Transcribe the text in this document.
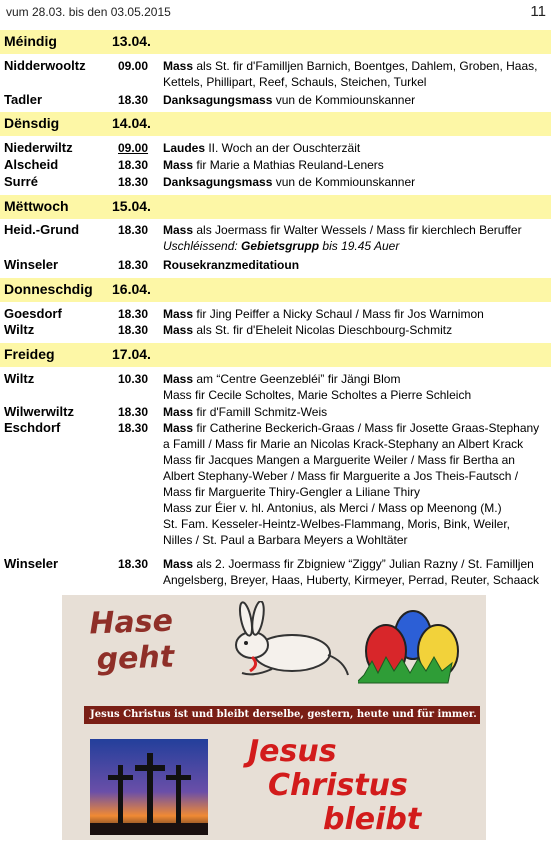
vum 28.03. bis den 03.05.2015	11
Méindig	13.04.
Nidderwooltz	09.00 Mass als St. fir d'Familljen Barnich, Boentges, Dahlem, Groben, Haas,
Kettels, Phillipart, Reef, Schauls, Steichen, Turkel
Tadler	18.30 Danksagungsmass vun de Kommiounskanner
Dënsdig	14.04.
Niederwiltz	09.00 Laudes II. Woch an der Ouschterzäit
Alscheid	18.30 Mass fir Marie a Mathias Reuland-Leners
Surré	18.30 Danksagungsmass vun de Kommiounskanner
Mëttwoch	15.04.
Heid.-Grund	18.30 Mass als Joermass fir Walter Wessels / Mass fir kierchlech Beruffer
Uschléissend: Gebietsgrupp bis 19.45 Auer
Winseler	18.30 Rousekranzmeditatioun
Donneschdig 16.04.
Goesdorf	18.30 Mass fir Jing Peiffer a Nicky Schaul / Mass fir Jos Warnimon
Wiltz	18.30 Mass als St. fir d'Eheleit Nicolas Dieschbourg-Schmitz
Freideg	17.04.
Wiltz	10.30 Mass am “Centre Geenzebléi” fir Jängi Blom
Mass fir Cecile Scholtes, Marie Scholtes a Pierre Schleich
Wilwerwiltz	18.30 Mass fir d'Famill Schmitz-Weis
Eschdorf	18.30 Mass fir Catherine Beckerich-Graas / Mass fir Josette Graas-Stephany
a Famill / Mass fir Marie an Nicolas Krack-Stephany an Albert Krack
Mass fir Jacques Mangen a Marguerite Weiler / Mass fir Bertha an
Albert Stephany-Weber / Mass fir Marguerite a Jos Theis-Fautsch /
Mass fir Marguerite Thiry-Gengler a Liliane Thiry
Mass zur Éier v. hl. Antonius, als Merci / Mass op Meenong (M.)
St. Fam. Kesseler-Heintz-Welbes-Flammang, Moris, Bink, Weiler,
Nilles / St. Paul a Barbara Meyers a Wohltäter
Winseler	18.30 Mass als 2. Joermass fir Zbigniew “Ziggy” Julian Razny / St. Familljen
Angelsberg, Breyer, Haas, Huberty, Kirmeyer, Perrad, Reuter, Schaack
Hase
geht
Jesus Christus ist und bleibt derselbe, gestern, heute und für immer.
Jesus
Christus
bleibt
